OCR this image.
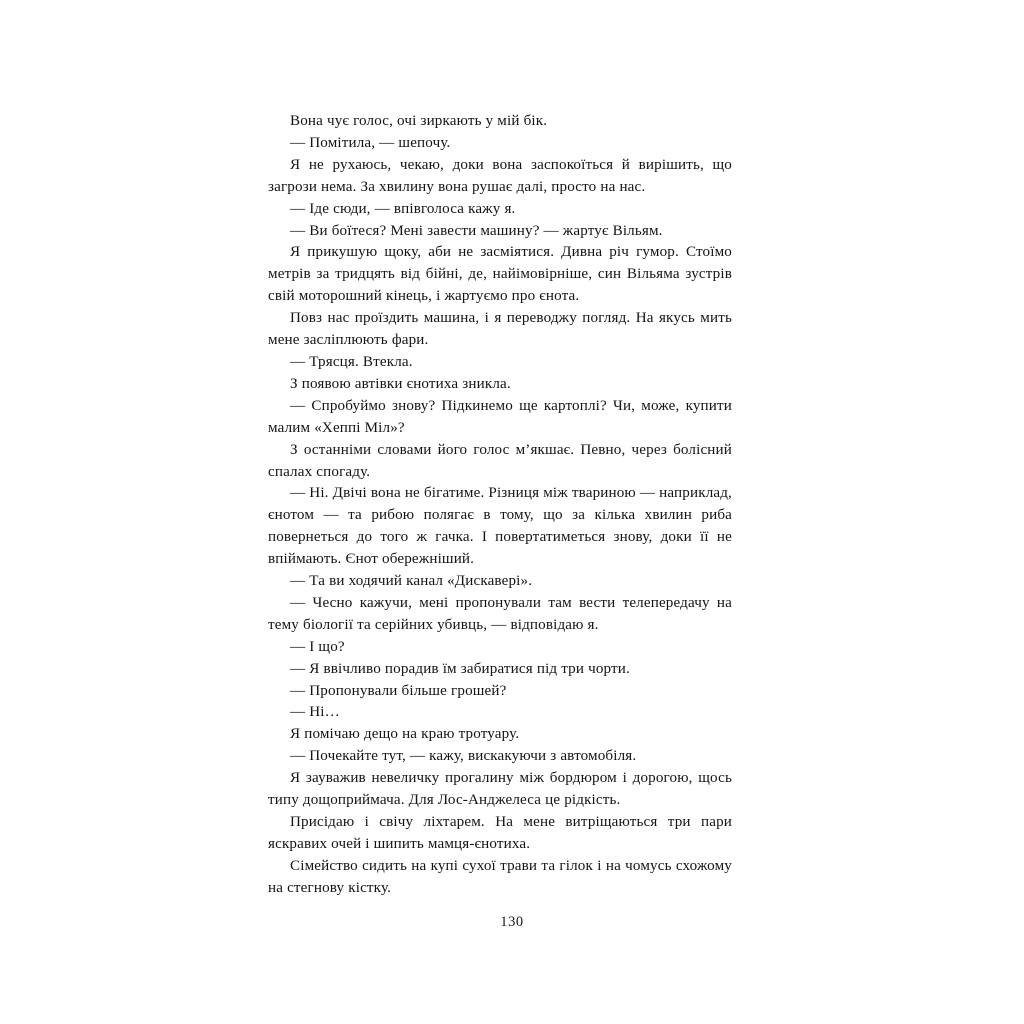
Вона чує голос, очі зиркають у мій бік.

— Помітила, — шепочу.

Я не рухаюсь, чекаю, доки вона заспокоїться й вирішить, що загрози нема. За хвилину вона рушає далі, просто на нас.

— Іде сюди, — впівголоса кажу я.

— Ви боїтеся? Мені завести машину? — жартує Вільям.

Я прикушую щоку, аби не засміятися. Дивна річ гумор. Стоїмо метрів за тридцять від бійні, де, найімовірніше, син Вільяма зустрів свій моторошний кінець, і жартуємо про єнота.

Повз нас проїздить машина, і я переводжу погляд. На якусь мить мене засліплюють фари.

— Трясця. Втекла.

З появою автівки єнотиха зникла.

— Спробуймо знову? Підкинемо ще картоплі? Чи, може, купити малим «Хеппі Міл»?

З останніми словами його голос м’якшає. Певно, через болісний спалах спогаду.

— Ні. Двічі вона не бігатиме. Різниця між твариною — наприклад, єнотом — та рибою полягає в тому, що за кілька хвилин риба повернеться до того ж гачка. І повертатиметься знову, доки її не впіймають. Єнот обережніший.

— Та ви ходячий канал «Дискавері».

— Чесно кажучи, мені пропонували там вести телепередачу на тему біології та серійних убивць, — відповідаю я.

— І що?

— Я ввічливо порадив їм забиратися під три чорти.

— Пропонували більше грошей?

— Ні…

Я помічаю дещо на краю тротуару.

— Почекайте тут, — кажу, вискакуючи з автомобіля.

Я зауважив невеличку прогалину між бордюром і дорогою, щось типу дощоприймача. Для Лос-Анджелеса це рідкість.

Присідаю і свічу ліхтарем. На мене витріщаються три пари яскравих очей і шипить мамця-єнотиха.

Сімейство сидить на купі сухої трави та гілок і на чомусь схожому на стегнову кістку.

130
